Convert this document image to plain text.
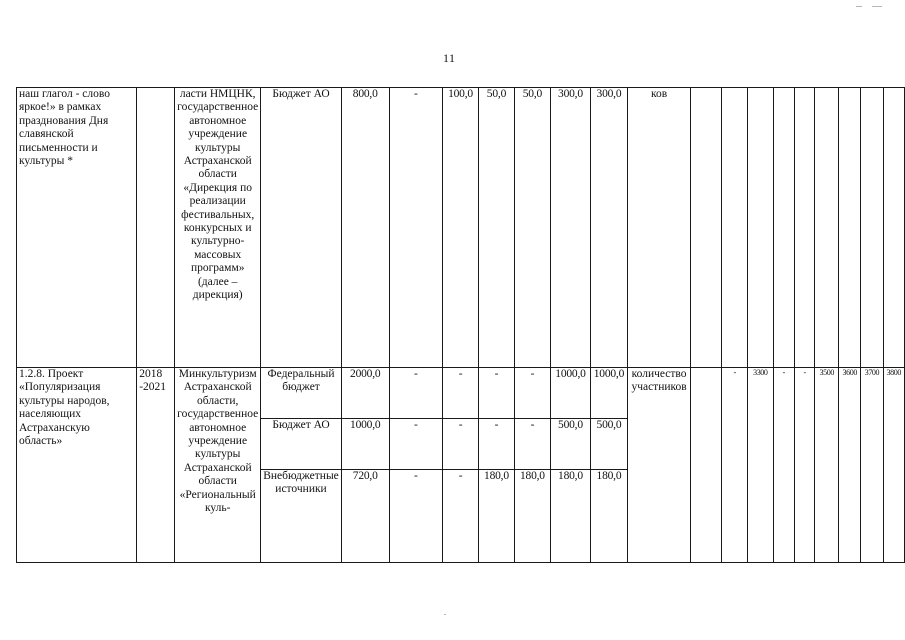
11
наш глагол - слово яркое!» в рамках празднования Дня славянской письменности и культуры *		ласти НМЦНК, государственное автономное учреждение культуры Астраханской области «Дирекция по реализации фестивальных, конкурсных и культурно-массовых программ» (далее – дирекция)	Бюджет АО	800,0	-	100,0	50,0	50,0	300,0	300,0	ков									
1.2.8. Проект «Популяризация культуры народов, населяющих Астраханскую область»	2018 -2021	Минкультуризм Астраханской области, государственное автономное учреждение культуры Астраханской области «Региональный куль-	Федеральный бюджет	2000,0	-	-	-	-	1000,0	1000,0	количество участников		-	3300	-	-	3500	3600	3700	3800
			Бюджет АО	1000,0	-	-	-	-	500,0	500,0										
			Внебюджетные источники	720,0	-	-	180,0	180,0	180,0	180,0										
